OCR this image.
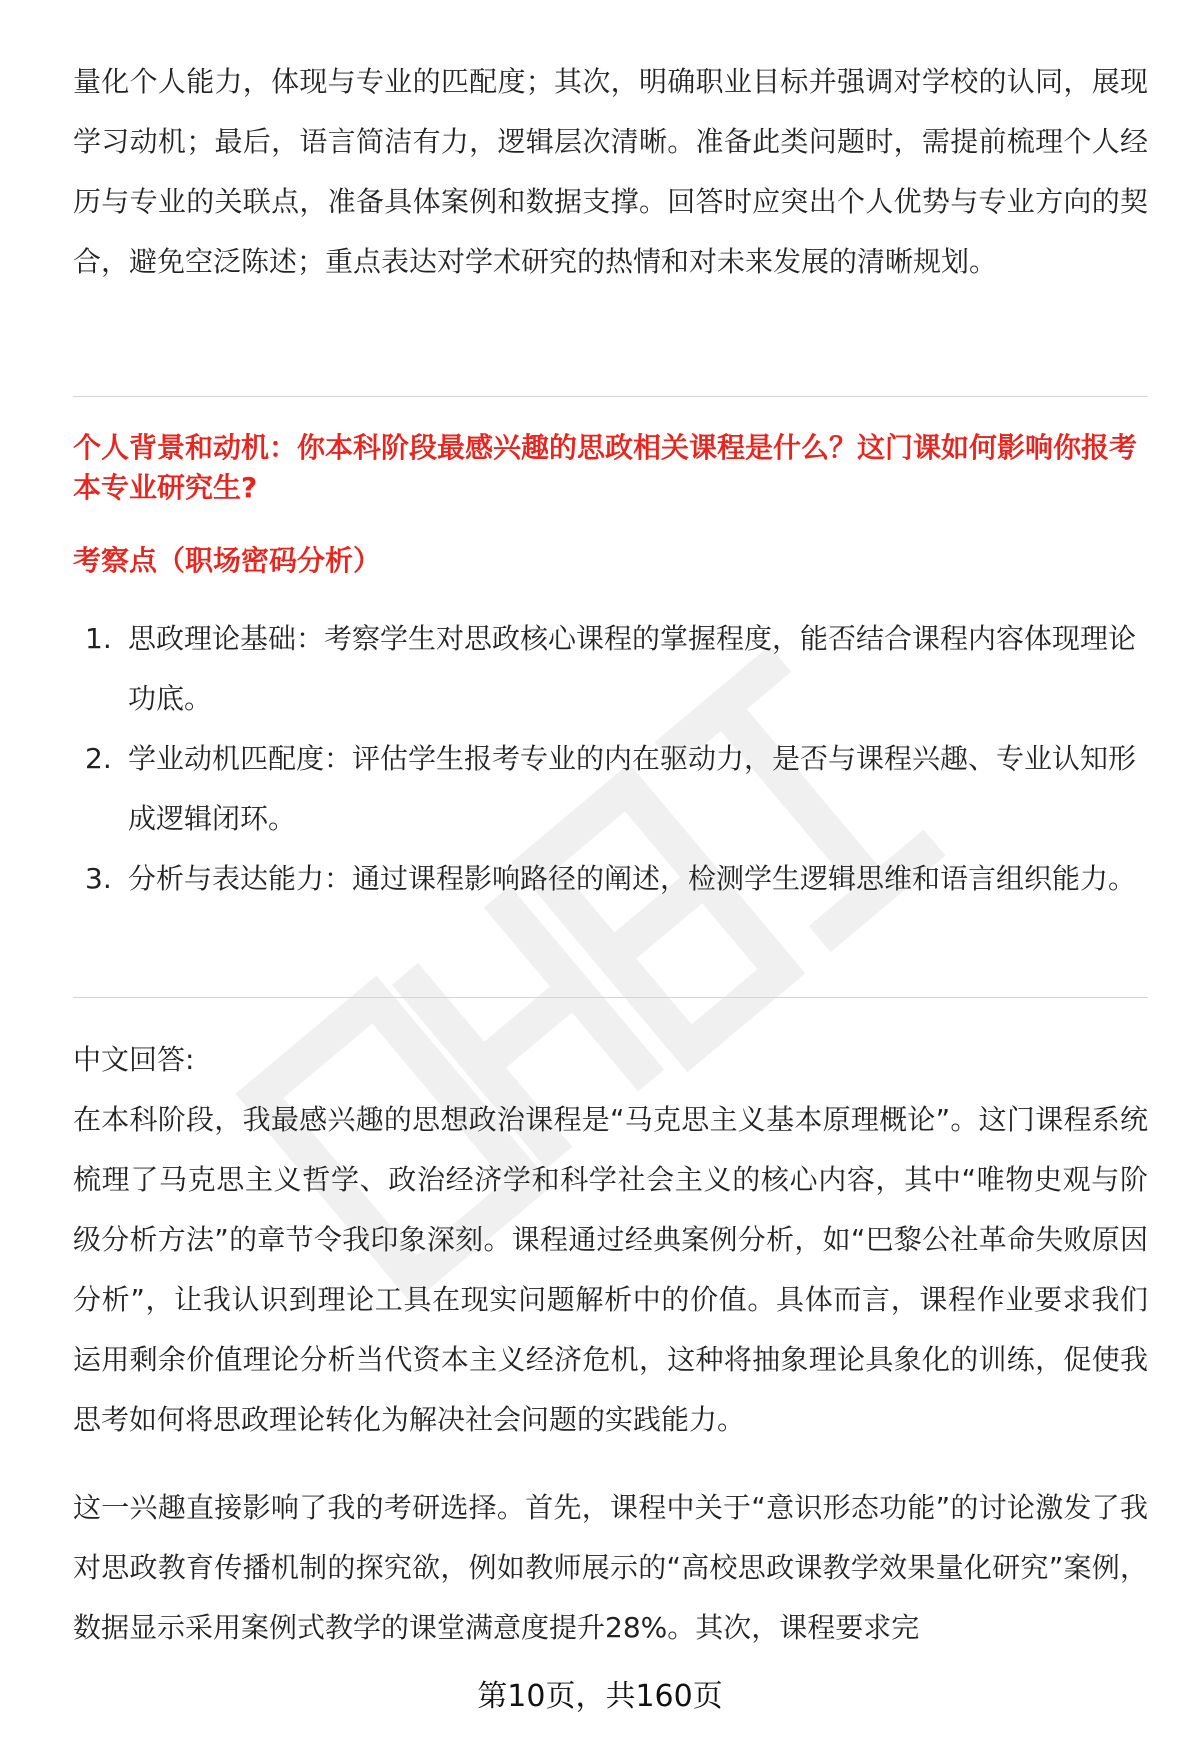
量化个人能力，体现与专业的匹配度；其次，明确职业目标并强调对学校的认同，展现学习动机；最后，语言简洁有力，逻辑层次清晰。准备此类问题时，需提前梳理个人经历与专业的关联点，准备具体案例和数据支撑。回答时应突出个人优势与专业方向的契合，避免空泛陈述；重点表达对学术研究的热情和对未来发展的清晰规划。

个人背景和动机：你本科阶段最感兴趣的思政相关课程是什么？这门课如何影响你报考本专业研究生?

考察点（职场密码分析）

1. 思政理论基础：考察学生对思政核心课程的掌握程度，能否结合课程内容体现理论功底。
2. 学业动机匹配度：评估学生报考专业的内在驱动力，是否与课程兴趣、专业认知形成逻辑闭环。
3. 分析与表达能力：通过课程影响路径的阐述，检测学生逻辑思维和语言组织能力。

中文回答:

在本科阶段，我最感兴趣的思想政治课程是“马克思主义基本原理概论”。这门课程系统梳理了马克思主义哲学、政治经济学和科学社会主义的核心内容，其中“唯物史观与阶级分析方法”的章节令我印象深刻。课程通过经典案例分析，如“巴黎公社革命失败原因分析”，让我认识到理论工具在现实问题解析中的价值。具体而言，课程作业要求我们运用剩余价值理论分析当代资本主义经济危机，这种将抽象理论具象化的训练，促使我思考如何将思政理论转化为解决社会问题的实践能力。

这一兴趣直接影响了我的考研选择。首先，课程中关于“意识形态功能”的讨论激发了我对思政教育传播机制的探究欲，例如教师展示的“高校思政课教学效果量化研究”案例，数据显示采用案例式教学的课堂满意度提升28%。其次，课程要求完

第10页，共160页
